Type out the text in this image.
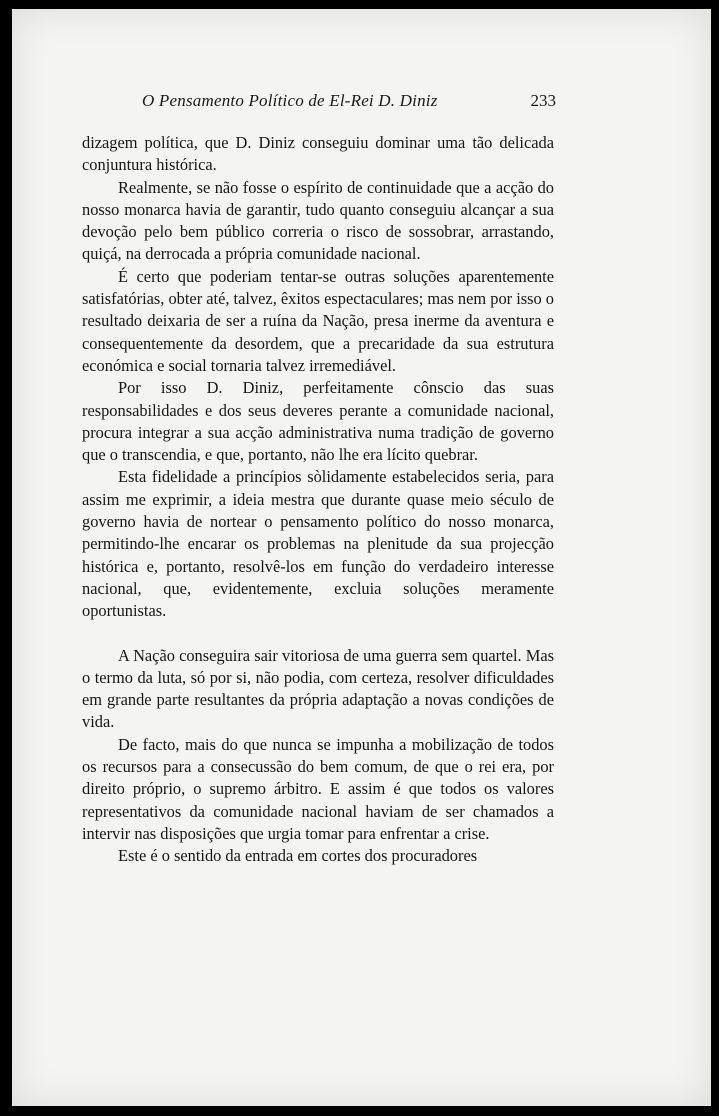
O Pensamento Político de El-Rei D. Diniz	233

dizagem política, que D. Diniz conseguiu dominar uma tão delicada conjuntura histórica.

Realmente, se não fosse o espírito de continuidade que a acção do nosso monarca havia de garantir, tudo quanto conseguiu alcançar a sua devoção pelo bem público correria o risco de sossobrar, arrastando, quiçá, na derrocada a própria comunidade nacional.

É certo que poderiam tentar-se outras soluções aparentemente satisfatórias, obter até, talvez, êxitos espectaculares; mas nem por isso o resultado deixaria de ser a ruína da Nação, presa inerme da aventura e consequentemente da desordem, que a precaridade da sua estrutura económica e social tornaria talvez irremediável.

Por isso D. Diniz, perfeitamente cônscio das suas responsabilidades e dos seus deveres perante a comunidade nacional, procura integrar a sua acção administrativa numa tradição de governo que o transcendia, e que, portanto, não lhe era lícito quebrar.

Esta fidelidade a princípios sòlidamente estabelecidos seria, para assim me exprimir, a ideia mestra que durante quase meio século de governo havia de nortear o pensamento político do nosso monarca, permitindo-lhe encarar os problemas na plenitude da sua projecção histórica e, portanto, resolvê-los em função do verdadeiro interesse nacional, que, evidentemente, excluia soluções meramente oportunistas.

A Nação conseguira sair vitoriosa de uma guerra sem quartel. Mas o termo da luta, só por si, não podia, com certeza, resolver dificuldades em grande parte resultantes da própria adaptação a novas condições de vida.

De facto, mais do que nunca se impunha a mobilização de todos os recursos para a consecussão do bem comum, de que o rei era, por direito próprio, o supremo árbitro. E assim é que todos os valores representativos da comunidade nacional haviam de ser chamados a intervir nas disposições que urgia tomar para enfrentar a crise.

Este é o sentido da entrada em cortes dos procuradores
